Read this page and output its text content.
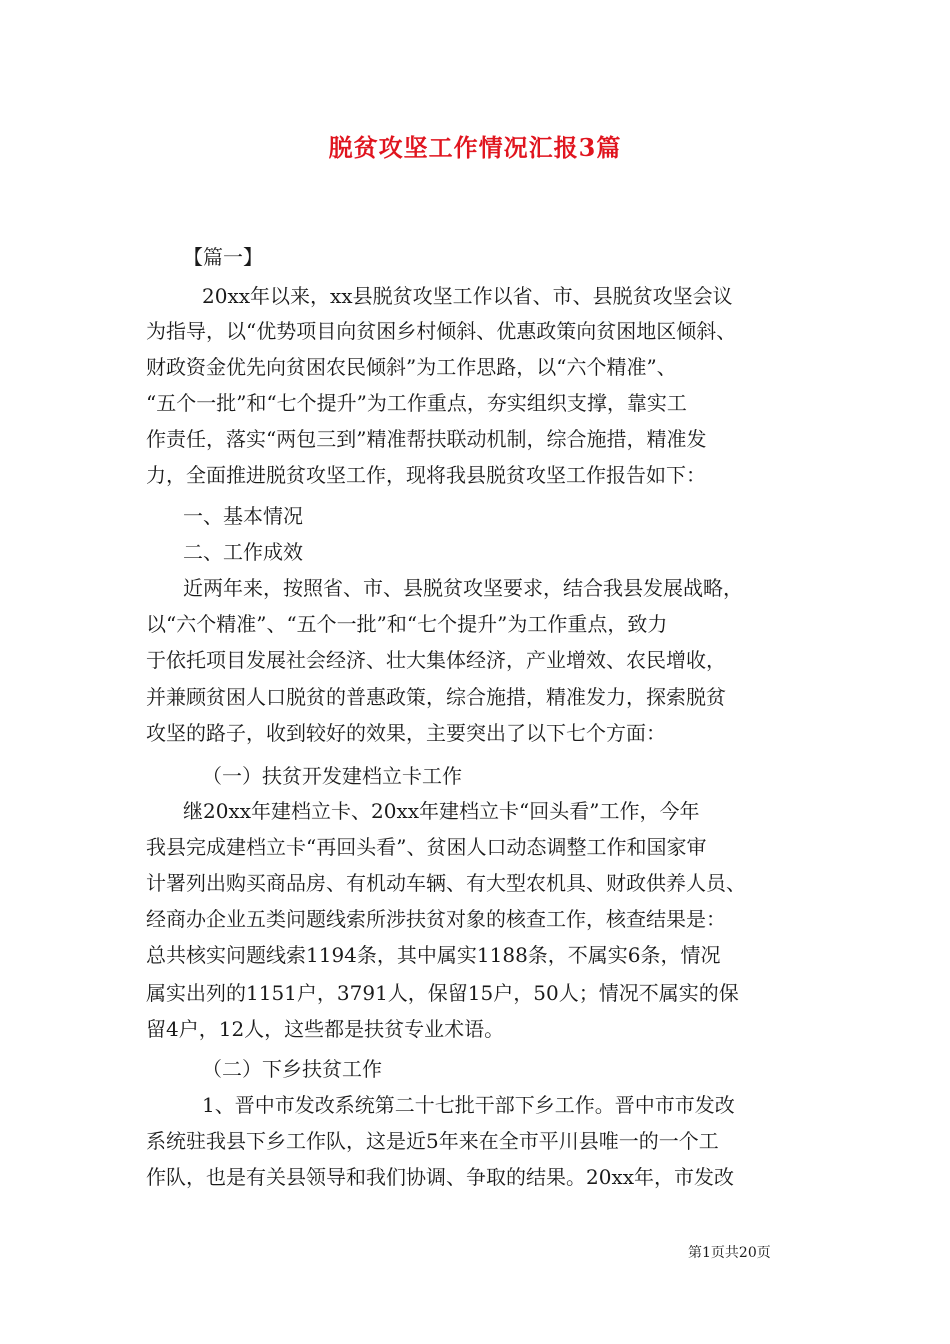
脱贫攻坚工作情况汇报3篇
【篇一】
20xx年以来，xx县脱贫攻坚工作以省、市、县脱贫攻坚会议
为指导，以“优势项目向贫困乡村倾斜、优惠政策向贫困地区倾斜、
财政资金优先向贫困农民倾斜”为工作思路，以“六个精准”、
“五个一批”和“七个提升”为工作重点，夯实组织支撑，靠实工
作责任，落实“两包三到”精准帮扶联动机制，综合施措，精准发
力，全面推进脱贫攻坚工作，现将我县脱贫攻坚工作报告如下：
一、基本情况
二、工作成效
近两年来，按照省、市、县脱贫攻坚要求，结合我县发展战略，
以“六个精准”、“五个一批”和“七个提升”为工作重点，致力
于依托项目发展社会经济、壮大集体经济，产业增效、农民增收，
并兼顾贫困人口脱贫的普惠政策，综合施措，精准发力，探索脱贫
攻坚的路子，收到较好的效果，主要突出了以下七个方面：
（一）扶贫开发建档立卡工作
继20xx年建档立卡、20xx年建档立卡“回头看”工作，今年
我县完成建档立卡“再回头看”、贫困人口动态调整工作和国家审
计署列出购买商品房、有机动车辆、有大型农机具、财政供养人员、
经商办企业五类问题线索所涉扶贫对象的核查工作，核查结果是：
总共核实问题线索1194条，其中属实1188条，不属实6条，情况
属实出列的1151户，3791人，保留15户，50人；情况不属实的保
留4户，12人，这些都是扶贫专业术语。
（二）下乡扶贫工作
1、晋中市发改系统第二十七批干部下乡工作。晋中市市发改
系统驻我县下乡工作队，这是近5年来在全市平川县唯一的一个工
作队，也是有关县领导和我们协调、争取的结果。20xx年，市发改
第1页共20页
